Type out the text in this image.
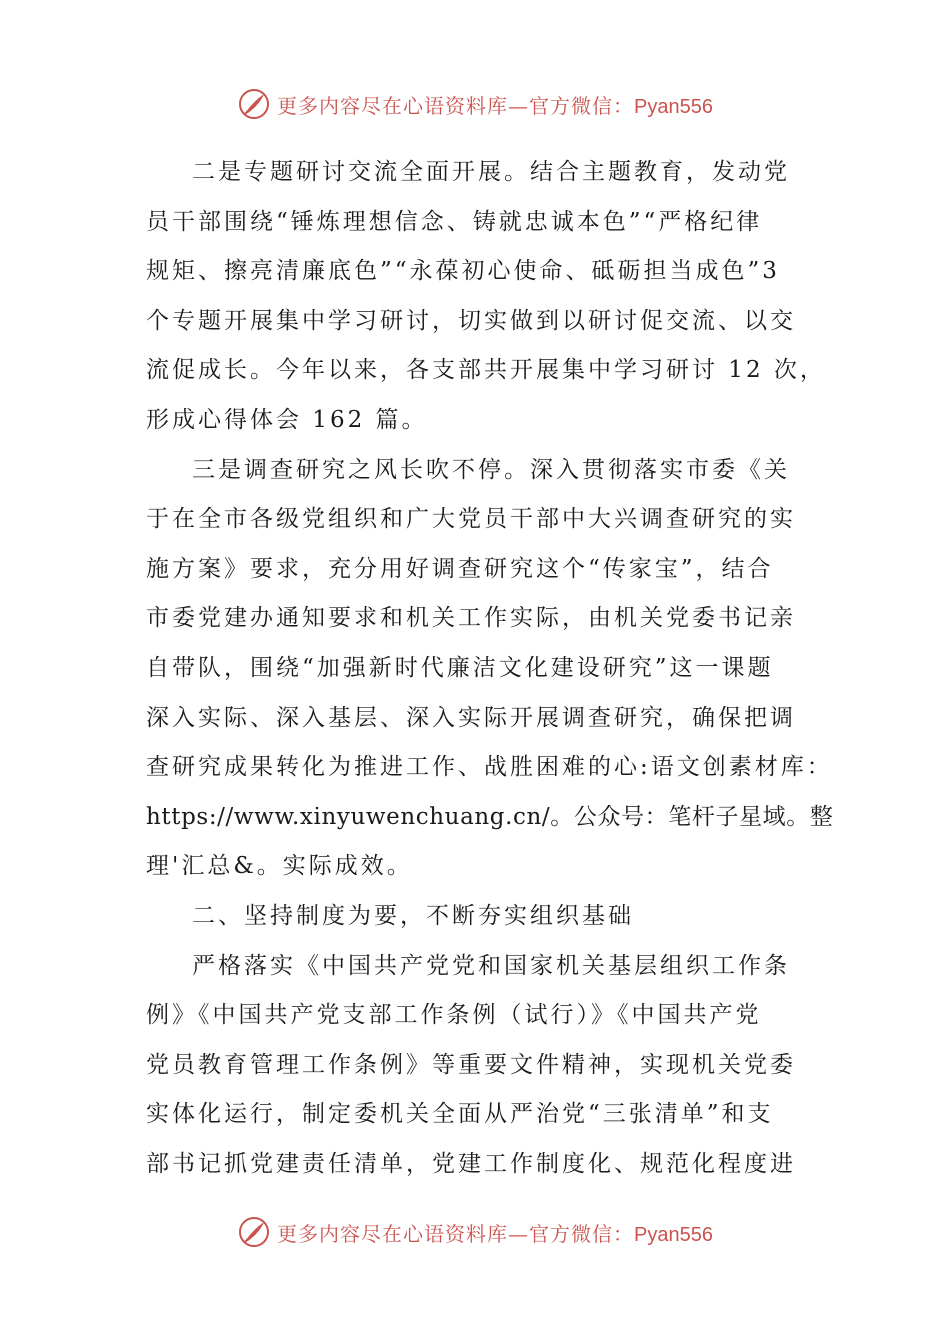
更多内容尽在心语资料库—官方微信：Pyan556

二是专题研讨交流全面开展。结合主题教育，发动党
员干部围绕“锤炼理想信念、铸就忠诚本色”“严格纪律
规矩、擦亮清廉底色”“永葆初心使命、砥砺担当成色”3
个专题开展集中学习研讨，切实做到以研讨促交流、以交
流促成长。今年以来，各支部共开展集中学习研讨 12 次，
形成心得体会 162 篇。

三是调查研究之风长吹不停。深入贯彻落实市委《关
于在全市各级党组织和广大党员干部中大兴调查研究的实
施方案》要求，充分用好调查研究这个“传家宝”，结合
市委党建办通知要求和机关工作实际，由机关党委书记亲
自带队，围绕“加强新时代廉洁文化建设研究”这一课题
深入实际、深入基层、深入实际开展调查研究，确保把调
查研究成果转化为推进工作、战胜困难的心:语文创素材库：
https://www.xinyuwenchuang.cn/。公众号：笔杆子星域。整
理'汇总&。实际成效。

二、坚持制度为要，不断夯实组织基础

严格落实《中国共产党党和国家机关基层组织工作条
例》《中国共产党支部工作条例（试行）》《中国共产党
党员教育管理工作条例》等重要文件精神，实现机关党委
实体化运行，制定委机关全面从严治党“三张清单”和支
部书记抓党建责任清单，党建工作制度化、规范化程度进

更多内容尽在心语资料库—官方微信：Pyan556
